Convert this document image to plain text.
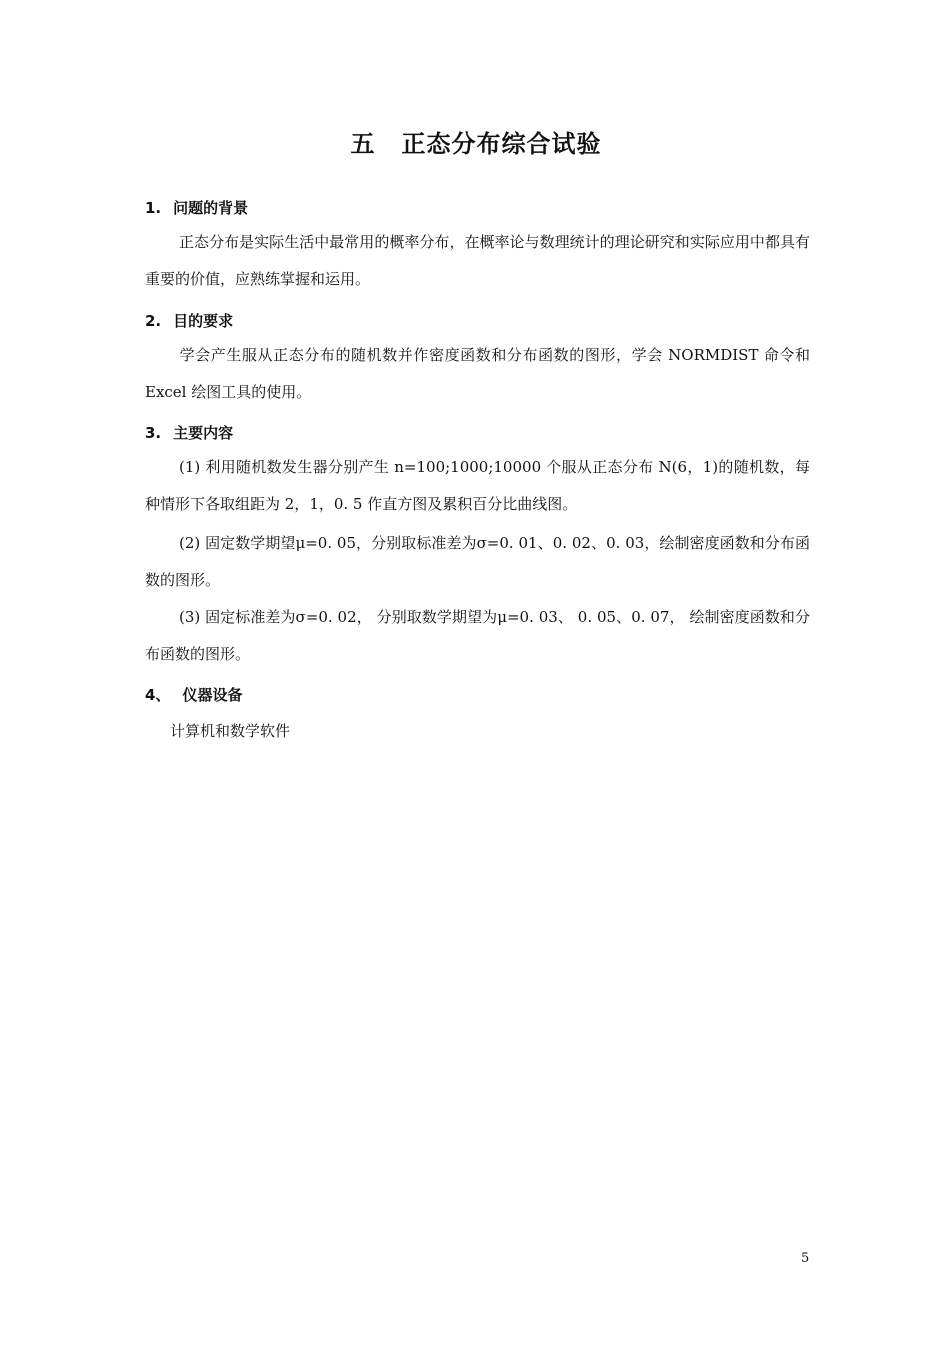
五 正态分布综合试验
1. 问题的背景
正态分布是实际生活中最常用的概率分布，在概率论与数理统计的理论研究和实际应用中都具有重要的价值，应熟练掌握和运用。
2. 目的要求
学会产生服从正态分布的随机数并作密度函数和分布函数的图形，学会 NORMDIST 命令和 Excel 绘图工具的使用。
3. 主要内容
(1) 利用随机数发生器分别产生 n=100;1000;10000 个服从正态分布 N(6，1)的随机数，每种情形下各取组距为 2，1，0. 5 作直方图及累积百分比曲线图。
(2) 固定数学期望μ=0. 05，分别取标准差为σ=0. 01、0. 02、0. 03，绘制密度函数和分布函数的图形。
(3) 固定标准差为σ=0. 02， 分别取数学期望为μ=0. 03、 0. 05、0. 07， 绘制密度函数和分布函数的图形。
4、 仪器设备
计算机和数学软件
5
